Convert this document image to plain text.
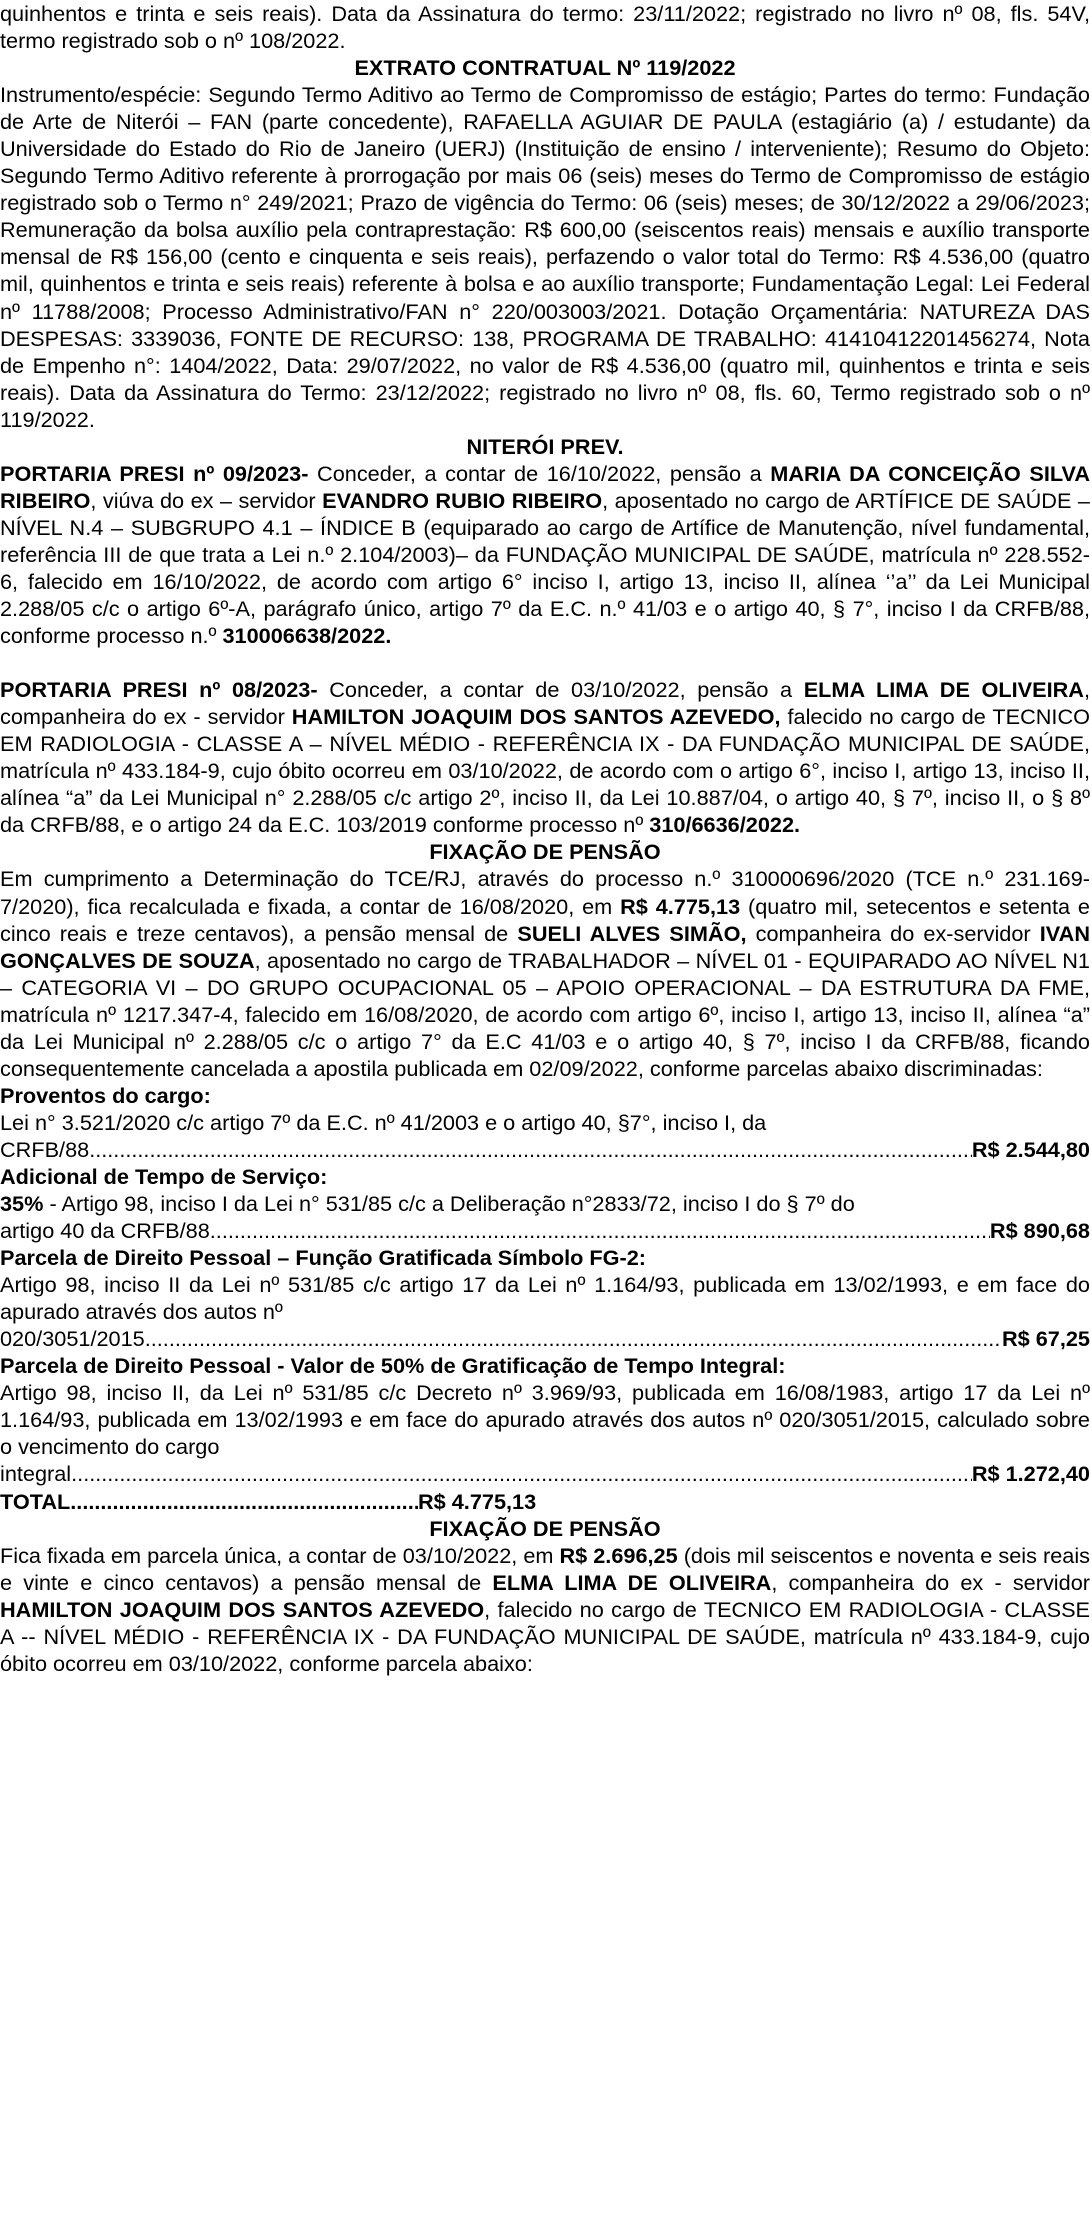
quinhentos e trinta e seis reais). Data da Assinatura do termo: 23/11/2022; registrado no livro nº 08, fls. 54V, termo registrado sob o nº 108/2022.

EXTRATO CONTRATUAL Nº 119/2022

Instrumento/espécie: Segundo Termo Aditivo ao Termo de Compromisso de estágio; Partes do termo: Fundação de Arte de Niterói – FAN (parte concedente), RAFAELLA AGUIAR DE PAULA (estagiário (a) / estudante) da Universidade do Estado do Rio de Janeiro (UERJ) (Instituição de ensino / interveniente); Resumo do Objeto: Segundo Termo Aditivo referente à prorrogação por mais 06 (seis) meses do Termo de Compromisso de estágio registrado sob o Termo n° 249/2021; Prazo de vigência do Termo: 06 (seis) meses; de 30/12/2022 a 29/06/2023; Remuneração da bolsa auxílio pela contraprestação: R$ 600,00 (seiscentos reais) mensais e auxílio transporte mensal de R$ 156,00 (cento e cinquenta e seis reais), perfazendo o valor total do Termo: R$ 4.536,00 (quatro mil, quinhentos e trinta e seis reais) referente à bolsa e ao auxílio transporte; Fundamentação Legal: Lei Federal nº 11788/2008; Processo Administrativo/FAN n° 220/003003/2021. Dotação Orçamentária: NATUREZA DAS DESPESAS: 3339036, FONTE DE RECURSO: 138, PROGRAMA DE TRABALHO: 41410412201456274, Nota de Empenho n°: 1404/2022, Data: 29/07/2022, no valor de R$ 4.536,00 (quatro mil, quinhentos e trinta e seis reais). Data da Assinatura do Termo: 23/12/2022; registrado no livro nº 08, fls. 60, Termo registrado sob o nº 119/2022.

NITERÓI PREV.

PORTARIA PRESI nº 09/2023- Conceder, a contar de 16/10/2022, pensão a MARIA DA CONCEIÇÃO SILVA RIBEIRO, viúva do ex – servidor EVANDRO RUBIO RIBEIRO, aposentado no cargo de ARTÍFICE DE SAÚDE – NÍVEL N.4 – SUBGRUPO 4.1 – ÍNDICE B (equiparado ao cargo de Artífice de Manutenção, nível fundamental, referência III de que trata a Lei n.º 2.104/2003)– da FUNDAÇÃO MUNICIPAL DE SAÚDE, matrícula nº 228.552-6, falecido em 16/10/2022, de acordo com artigo 6° inciso I, artigo 13, inciso II, alínea ‘’a’’ da Lei Municipal 2.288/05 c/c o artigo 6º-A, parágrafo único, artigo 7º da E.C. n.º 41/03 e o artigo 40, § 7°, inciso I da CRFB/88, conforme processo n.º 310006638/2022.

PORTARIA PRESI nº 08/2023- Conceder, a contar de 03/10/2022, pensão a ELMA LIMA DE OLIVEIRA, companheira do ex - servidor HAMILTON JOAQUIM DOS SANTOS AZEVEDO, falecido no cargo de TECNICO EM RADIOLOGIA - CLASSE A – NÍVEL MÉDIO - REFERÊNCIA IX - DA FUNDAÇÃO MUNICIPAL DE SAÚDE, matrícula nº 433.184-9, cujo óbito ocorreu em 03/10/2022, de acordo com o artigo 6°, inciso I, artigo 13, inciso II, alínea “a” da Lei Municipal n° 2.288/05 c/c artigo 2º, inciso II, da Lei 10.887/04, o artigo 40, § 7º, inciso II, o § 8º da CRFB/88, e o artigo 24 da E.C. 103/2019 conforme processo nº 310/6636/2022.

FIXAÇÃO DE PENSÃO

Em cumprimento a Determinação do TCE/RJ, através do processo n.º 310000696/2020 (TCE n.º 231.169-7/2020), fica recalculada e fixada, a contar de 16/08/2020, em R$ 4.775,13 (quatro mil, setecentos e setenta e cinco reais e treze centavos), a pensão mensal de SUELI ALVES SIMÃO, companheira do ex-servidor IVAN GONÇALVES DE SOUZA, aposentado no cargo de TRABALHADOR – NÍVEL 01 - EQUIPARADO AO NÍVEL N1 – CATEGORIA VI – DO GRUPO OCUPACIONAL 05 – APOIO OPERACIONAL – DA ESTRUTURA DA FME, matrícula nº 1217.347-4, falecido em 16/08/2020, de acordo com artigo 6º, inciso I, artigo 13, inciso II, alínea “a” da Lei Municipal nº 2.288/05 c/c o artigo 7° da E.C 41/03 e o artigo 40, § 7º, inciso I da CRFB/88, ficando consequentemente cancelada a apostila publicada em 02/09/2022, conforme parcelas abaixo discriminadas:

Proventos do cargo:

Lei n° 3.521/2020 c/c artigo 7º da E.C. nº 41/2003 e o artigo 40, §7°, inciso I, da

CRFB/88 .....	R$ 2.544,80

Adicional de Tempo de Serviço:

35% - Artigo 98, inciso I da Lei n° 531/85 c/c a Deliberação n°2833/72, inciso I do § 7º do

artigo 40 da CRFB/88 .....	R$ 890,68

Parcela de Direito Pessoal – Função Gratificada Símbolo FG-2:

Artigo 98, inciso II da Lei nº 531/85 c/c artigo 17 da Lei nº 1.164/93, publicada em 13/02/1993, e em face do apurado através dos autos nº

020/3051/2015 .....	R$ 67,25

Parcela de Direito Pessoal - Valor de 50% de Gratificação de Tempo Integral:

Artigo 98, inciso II, da Lei nº 531/85 c/c Decreto nº 3.969/93, publicada em 16/08/1983, artigo 17 da Lei nº 1.164/93, publicada em 13/02/1993 e em face do apurado através dos autos nº 020/3051/2015, calculado sobre o vencimento do cargo

integral .....	R$ 1.272,40
TOTAL .....	R$ 4.775,13

FIXAÇÃO DE PENSÃO

Fica fixada em parcela única, a contar de 03/10/2022, em R$ 2.696,25 (dois mil seiscentos e noventa e seis reais e vinte e cinco centavos) a pensão mensal de ELMA LIMA DE OLIVEIRA, companheira do ex - servidor HAMILTON JOAQUIM DOS SANTOS AZEVEDO, falecido no cargo de TECNICO EM RADIOLOGIA - CLASSE A -- NÍVEL MÉDIO - REFERÊNCIA IX - DA FUNDAÇÃO MUNICIPAL DE SAÚDE, matrícula nº 433.184-9, cujo óbito ocorreu em 03/10/2022, conforme parcela abaixo:
